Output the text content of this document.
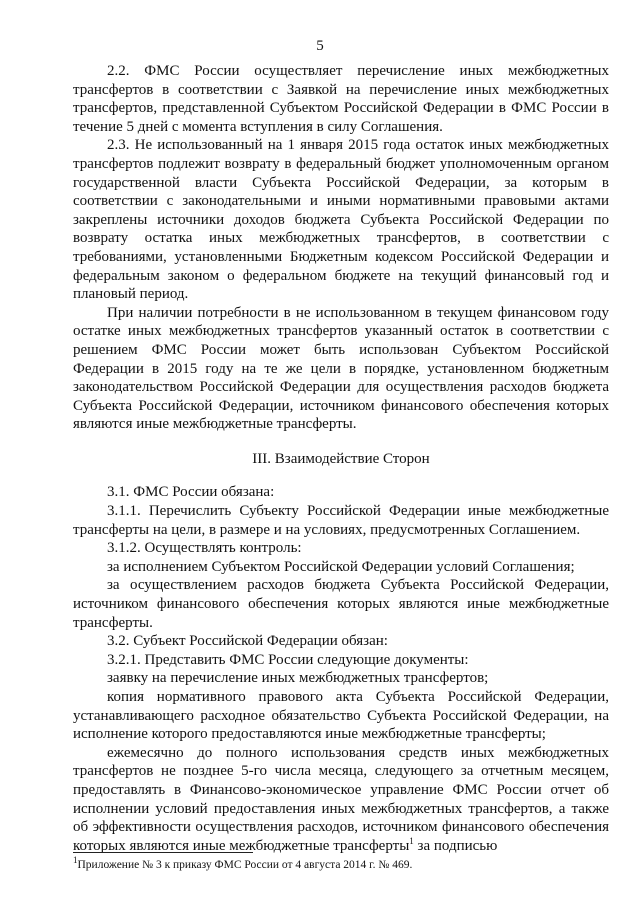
5

2.2. ФМС России осуществляет перечисление иных межбюджетных трансфертов в соответствии с Заявкой на перечисление иных межбюджетных трансфертов, представленной Субъектом Российской Федерации в ФМС России в течение 5 дней с момента вступления в силу Соглашения.

2.3. Не использованный на 1 января 2015 года остаток иных межбюджетных трансфертов подлежит возврату в федеральный бюджет уполномоченным органом государственной власти Субъекта Российской Федерации, за которым в соответствии с законодательными и иными нормативными правовыми актами закреплены источники доходов бюджета Субъекта Российской Федерации по возврату остатка иных межбюджетных трансфертов, в соответствии с требованиями, установленными Бюджетным кодексом Российской Федерации и федеральным законом о федеральном бюджете на текущий финансовый год и плановый период.

При наличии потребности в не использованном в текущем финансовом году остатке иных межбюджетных трансфертов указанный остаток в соответствии с решением ФМС России может быть использован Субъектом Российской Федерации в 2015 году на те же цели в порядке, установленном бюджетным законодательством Российской Федерации для осуществления расходов бюджета Субъекта Российской Федерации, источником финансового обеспечения которых являются иные межбюджетные трансферты.

III. Взаимодействие Сторон

3.1. ФМС России обязана:

3.1.1. Перечислить Субъекту Российской Федерации иные межбюджетные трансферты на цели, в размере и на условиях, предусмотренных Соглашением.

3.1.2. Осуществлять контроль:

за исполнением Субъектом Российской Федерации условий Соглашения;

за осуществлением расходов бюджета Субъекта Российской Федерации, источником финансового обеспечения которых являются иные межбюджетные трансферты.

3.2. Субъект Российской Федерации обязан:

3.2.1. Представить ФМС России следующие документы:

заявку на перечисление иных межбюджетных трансфертов;

копия нормативного правового акта Субъекта Российской Федерации, устанавливающего расходное обязательство Субъекта Российской Федерации, на исполнение которого предоставляются иные межбюджетные трансферты;

ежемесячно до полного использования средств иных межбюджетных трансфертов не позднее 5-го числа месяца, следующего за отчетным месяцем, предоставлять в Финансово-экономическое управление ФМС России отчет об исполнении условий предоставления иных межбюджетных трансфертов, а также об эффективности осуществления расходов, источником финансового обеспечения которых являются иные межбюджетные трансферты$^1$ за подписью

$^1$Приложение № 3 к приказу ФМС России от 4 августа 2014 г. № 469.
